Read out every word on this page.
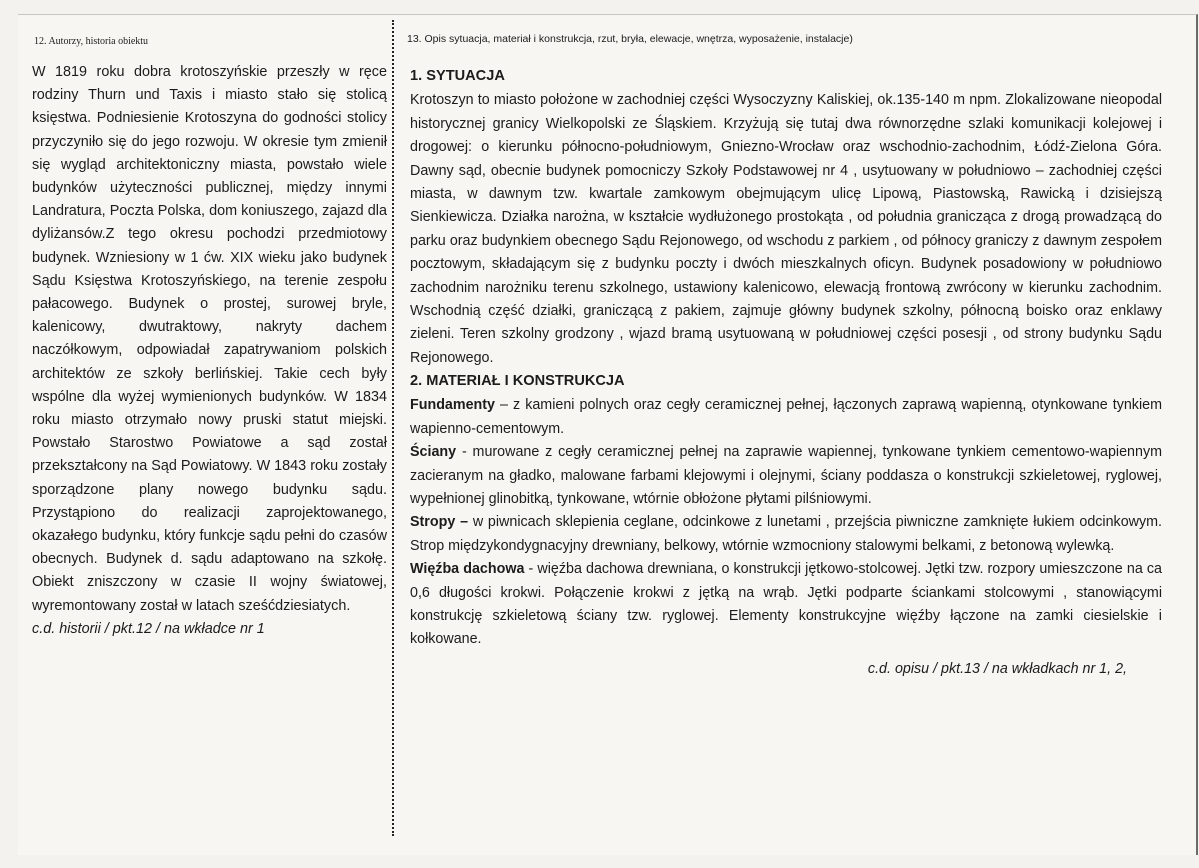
12. Autorzy, historia obiektu

W 1819 roku dobra krotoszyńskie przeszły w ręce rodziny Thurn und Taxis i miasto stało się stolicą księstwa. Podniesienie Krotoszyna do godności stolicy przyczyniło się do jego rozwoju. W okresie tym zmienił się wygląd architektoniczny miasta, powstało wiele budynków użyteczności publicznej, między innymi Landratura, Poczta Polska, dom koniuszego, zajazd dla dyliżansów.Z tego okresu pochodzi przedmiotowy budynek. Wzniesiony w 1 ćw. XIX wieku jako budynek Sądu Księstwa Krotoszyńskiego, na terenie zespołu pałacowego. Budynek o prostej, surowej bryle, kalenicowy, dwutraktowy, nakryty dachem naczółkowym, odpowiadał zapatrywaniom polskich architektów ze szkoły berlińskiej. Takie cech były wspólne dla wyżej wymienionych budynków. W 1834 roku miasto otrzymało nowy pruski statut miejski. Powstało Starostwo Powiatowe a sąd został przekształcony na Sąd Powiatowy. W 1843 roku zostały sporządzone plany nowego budynku sądu. Przystąpiono do realizacji zaprojektowanego, okazałego budynku, który funkcje sądu pełni do czasów obecnych. Budynek d. sądu adaptowano na szkołę. Obiekt zniszczony w czasie II wojny światowej, wyremontowany został w latach sześćdziesiatych.

c.d. historii / pkt.12 / na wkładce nr 1

13. Opis sytuacja, materiał i konstrukcja, rzut, bryła, elewacje, wnętrza, wyposażenie, instalacje)

1. SYTUACJA

Krotoszyn to miasto położone w zachodniej części Wysoczyzny Kaliskiej, ok.135-140 m npm. Zlokalizowane nieopodal historycznej granicy Wielkopolski ze Śląskiem. Krzyżują się tutaj dwa równorzędne szlaki komunikacji kolejowej i drogowej: o kierunku północno-południowym, Gniezno-Wrocław oraz wschodnio-zachodnim, Łódź-Zielona Góra. Dawny sąd, obecnie budynek pomocniczy Szkoły Podstawowej nr 4 , usytuowany w południowo – zachodniej części miasta, w dawnym tzw. kwartale zamkowym obejmującym ulicę Lipową, Piastowską, Rawicką i dzisiejszą Sienkiewicza. Działka narożna, w kształcie wydłużonego prostokąta , od południa granicząca z drogą prowadzącą do parku oraz budynkiem obecnego Sądu Rejonowego, od wschodu z parkiem , od północy graniczy z dawnym zespołem pocztowym, składającym się z budynku poczty i dwóch mieszkalnych oficyn. Budynek posadowiony w południowo zachodnim narożniku terenu szkolnego, ustawiony kalenicowo, elewacją frontową zwrócony w kierunku zachodnim. Wschodnią część działki, graniczącą z pakiem, zajmuje główny budynek szkolny, północną boisko oraz enklawy zieleni. Teren szkolny grodzony , wjazd bramą usytuowaną w południowej części posesji , od strony budynku Sądu Rejonowego.

2. MATERIAŁ I KONSTRUKCJA

Fundamenty – z kamieni polnych oraz cegły ceramicznej pełnej, łączonych zaprawą wapienną, otynkowane tynkiem wapienno-cementowym.

Ściany - murowane z cegły ceramicznej pełnej na zaprawie wapiennej, tynkowane tynkiem cementowo-wapiennym zacieranym na gładko, malowane farbami klejowymi i olejnymi, ściany poddasza o konstrukcji szkieletowej, ryglowej, wypełnionej glinobitką, tynkowane, wtórnie obłożone płytami pilśniowymi.

Stropy – w piwnicach sklepienia ceglane, odcinkowe z lunetami , przejścia piwniczne zamknięte łukiem odcinkowym. Strop międzykondygnacyjny drewniany, belkowy, wtórnie wzmocniony stalowymi belkami, z betonową wylewką.

Więźba dachowa - więźba dachowa drewniana, o konstrukcji jętkowo-stolcowej. Jętki tzw. rozpory umieszczone na ca 0,6 długości krokwi. Połączenie krokwi z jętką na wrąb. Jętki podparte ściankami stolcowymi , stanowiącymi konstrukcję szkieletową ściany tzw. ryglowej. Elementy konstrukcyjne więźby łączone na zamki ciesielskie i kołkowane.

c.d. opisu / pkt.13 / na wkładkach nr 1, 2,
